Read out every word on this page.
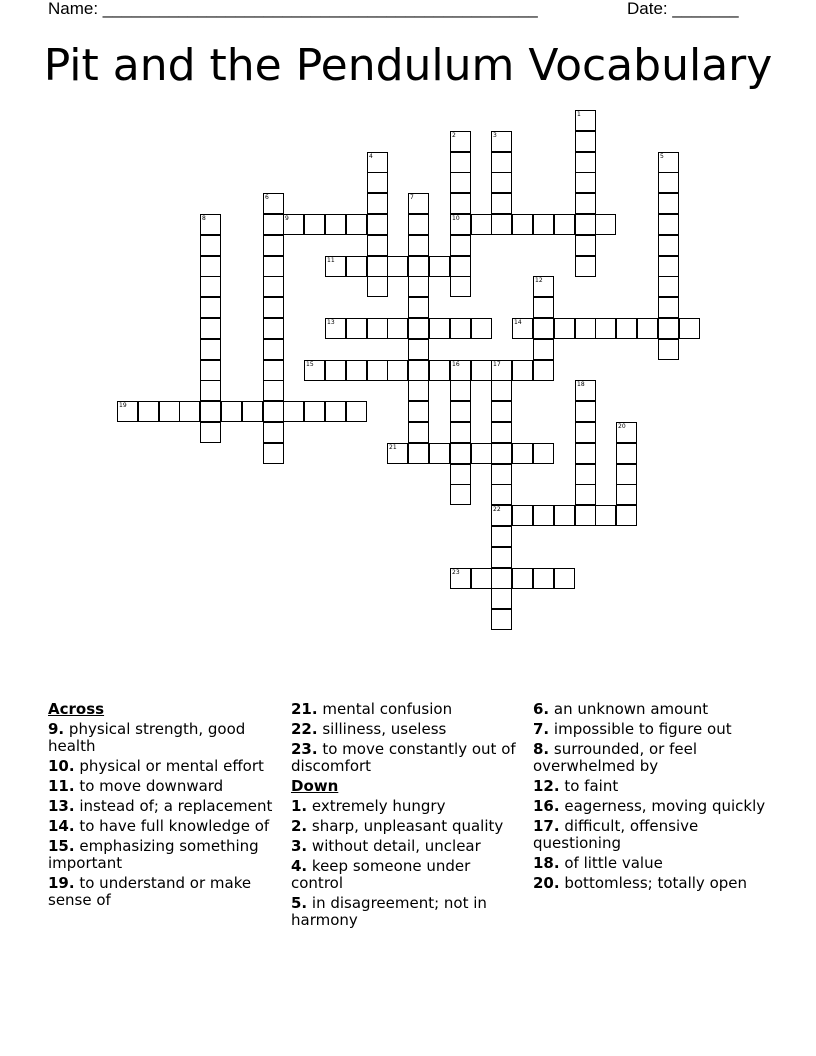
Name: ______________________________________________	Date: _______
Pit and the Pendulum Vocabulary
1
2
10
3
4	5
6	7
8	9
11
12
13	14
15	16	17
22
18
19
20
21
23
Across
9. physical strength, good health
10. physical or mental effort
11. to move downward
13. instead of; a replacement
14. to have full knowledge of
15. emphasizing something important
19. to understand or make sense of
21. mental confusion
22. silliness, useless
23. to move constantly out of discomfort
Down
1. extremely hungry
2. sharp, unpleasant quality
3. without detail, unclear
4. keep someone under control
5. in disagreement; not in harmony
6. an unknown amount
7. impossible to figure out
8. surrounded, or feel overwhelmed by
12. to faint
16. eagerness, moving quickly
17. difficult, offensive questioning
18. of little value
20. bottomless; totally open
